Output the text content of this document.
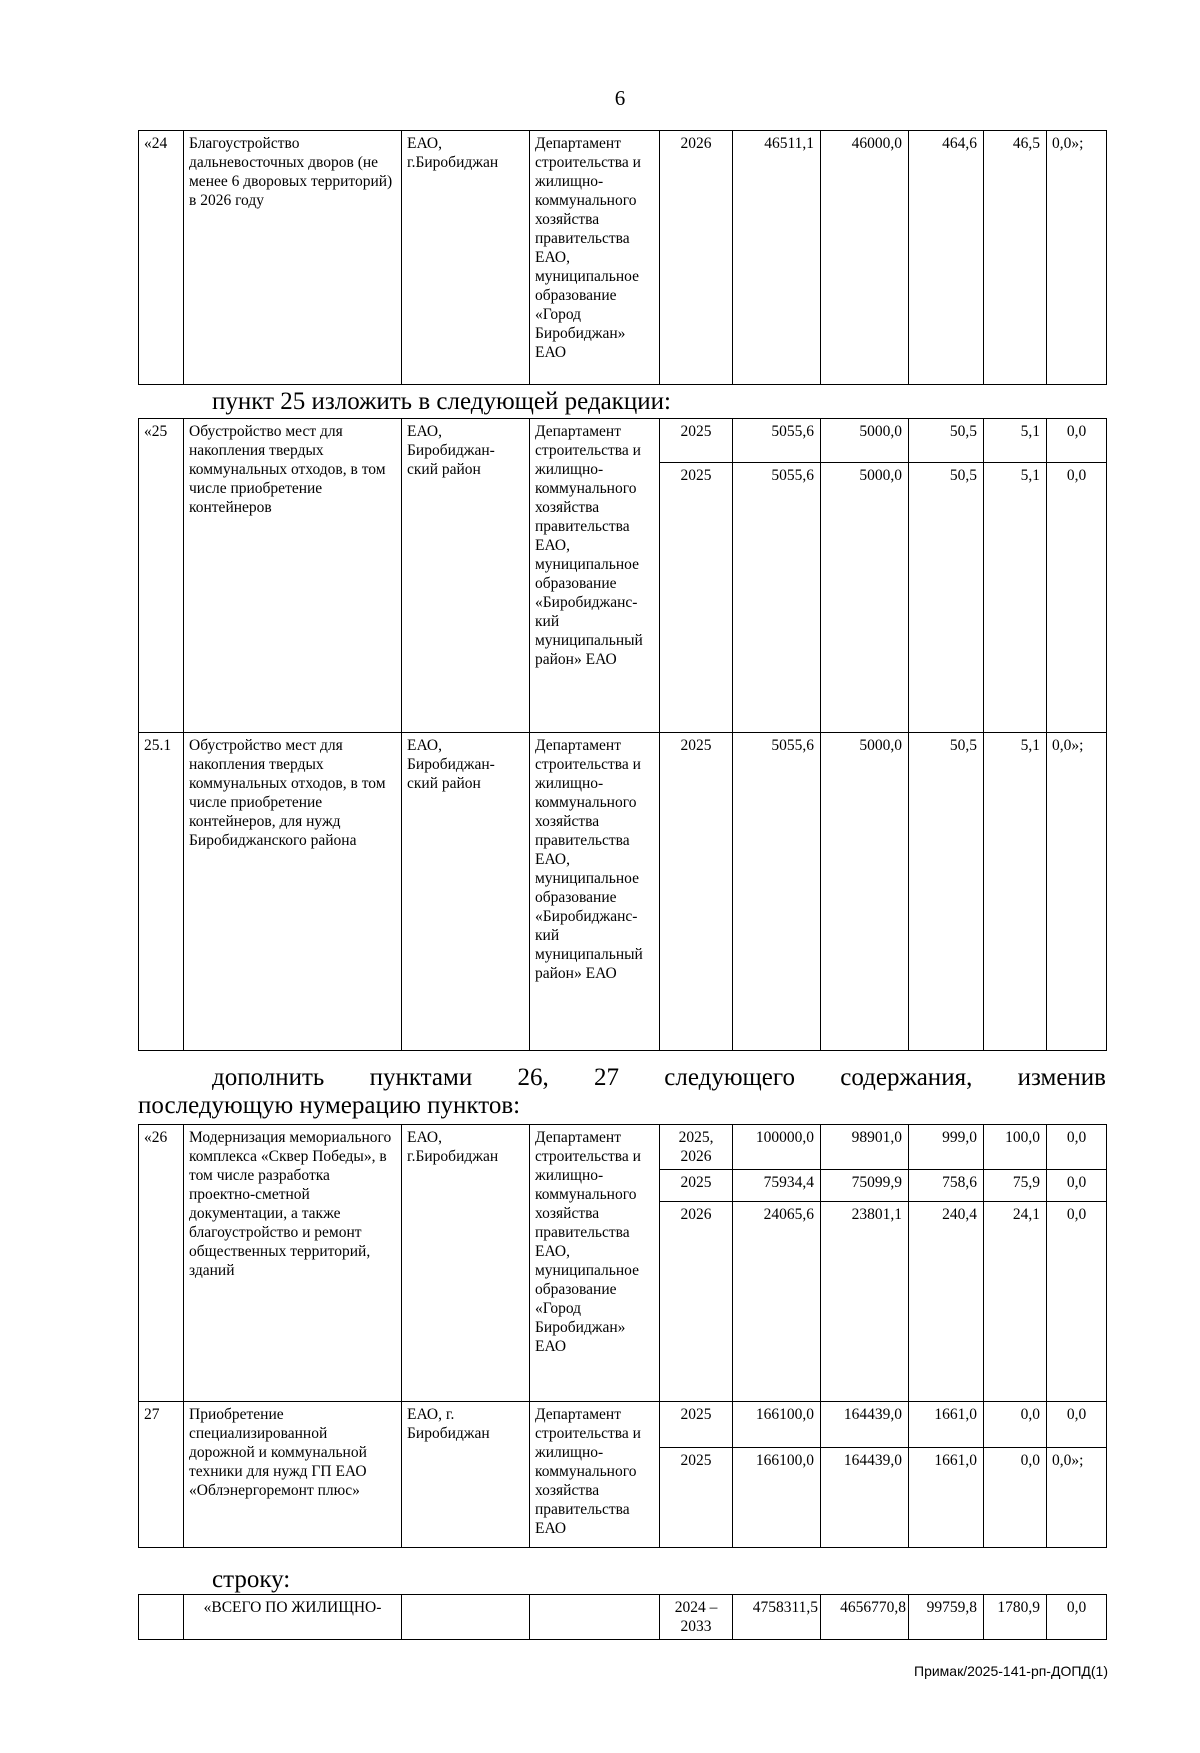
6
«24	Благоустройство дальневосточных дворов (не менее 6 дворовых территорий) в 2026 году	ЕАО, г.Биробиджан	Департамент строительства и жилищно-коммунального хозяйства правительства ЕАО, муниципальное образование «Город Биробиджан» ЕАО	2026	46511,1	46000,0	464,6	46,5	0,0»;
пункт 25 изложить в следующей редакции:
«25	Обустройство мест для накопления твердых коммунальных отходов, в том числе приобретение контейнеров	ЕАО, Биробиджан-ский район	Департамент строительства и жилищно-коммунального хозяйства правительства ЕАО, муниципальное образование «Биробиджанс-кий муниципальный район» ЕАО	2025	5055,6	5000,0	50,5	5,1	0,0
				2025	5055,6	5000,0	50,5	5,1	0,0
25.1	Обустройство мест для накопления твердых коммунальных отходов, в том числе приобретение контейнеров, для нужд Биробиджанского района	ЕАО, Биробиджан-ский район	Департамент строительства и жилищно-коммунального хозяйства правительства ЕАО, муниципальное образование «Биробиджанс-кий муниципальный район» ЕАО	2025	5055,6	5000,0	50,5	5,1	0,0»;
дополнить пунктами 26, 27 следующего содержания, изменив
последующую нумерацию пунктов:
«26	Модернизация мемориального комплекса «Сквер Победы», в том числе разработка проектно-сметной документации, а также благоустройство и ремонт общественных территорий, зданий	ЕАО, г.Биробиджан	Департамент строительства и жилищно-коммунального хозяйства правительства ЕАО, муниципальное образование «Город Биробиджан» ЕАО	2025, 2026	100000,0	98901,0	999,0	100,0	0,0
				2025	75934,4	75099,9	758,6	75,9	0,0
				2026	24065,6	23801,1	240,4	24,1	0,0
27	Приобретение специализированной дорожной и коммунальной техники для нужд ГП ЕАО «Облэнергоремонт плюс»	ЕАО, г. Биробиджан	Департамент строительства и жилищно-коммунального хозяйства правительства ЕАО	2025	166100,0	164439,0	1661,0	0,0	0,0
				2025	166100,0	164439,0	1661,0	0,0	0,0»;
строку:
	«ВСЕГО ПО ЖИЛИЩНО-			2024 – 2033	4758311,5	4656770,8	99759,8	1780,9	0,0
Примак/2025-141-рп-ДОПД(1)
